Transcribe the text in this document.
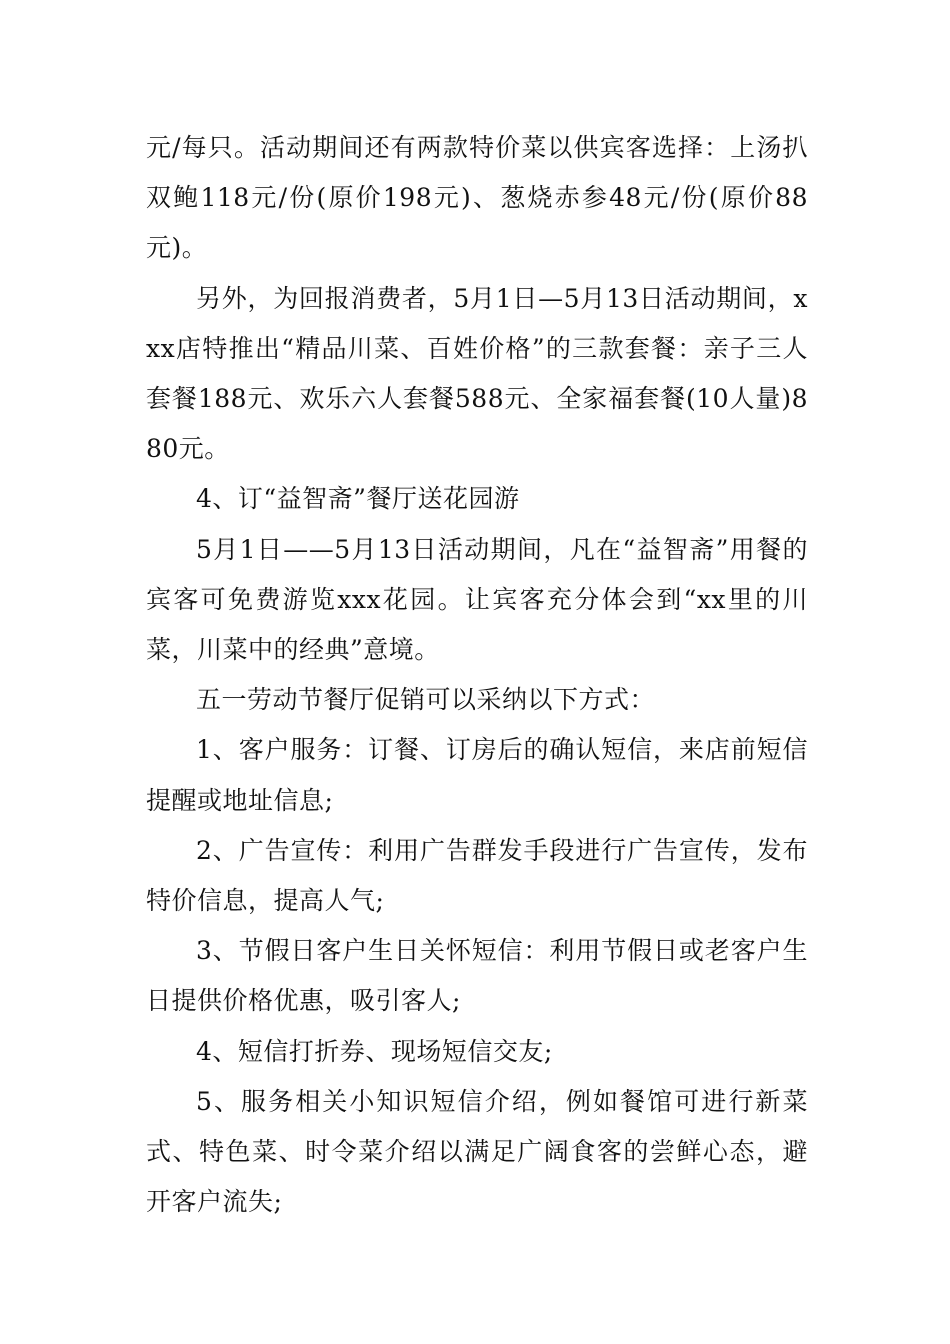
元/每只。活动期间还有两款特价菜以供宾客选择：上汤扒双鲍118元/份(原价198元)、葱烧赤参48元/份(原价88元)。

另外，为回报消费者，5月1日—5月13日活动期间，xxx店特推出“精品川菜、百姓价格”的三款套餐：亲子三人套餐188元、欢乐六人套餐588元、全家福套餐(10人量)880元。

4、订“益智斋”餐厅送花园游

5月1日——5月13日活动期间，凡在“益智斋”用餐的宾客可免费游览xxx花园。让宾客充分体会到“xx里的川菜，川菜中的经典”意境。

五一劳动节餐厅促销可以采纳以下方式：

1、客户服务：订餐、订房后的确认短信，来店前短信提醒或地址信息;

2、广告宣传：利用广告群发手段进行广告宣传，发布特价信息，提高人气;

3、节假日客户生日关怀短信：利用节假日或老客户生日提供价格优惠，吸引客人;

4、短信打折券、现场短信交友;

5、服务相关小知识短信介绍，例如餐馆可进行新菜式、特色菜、时令菜介绍以满足广阔食客的尝鲜心态，避开客户流失;
